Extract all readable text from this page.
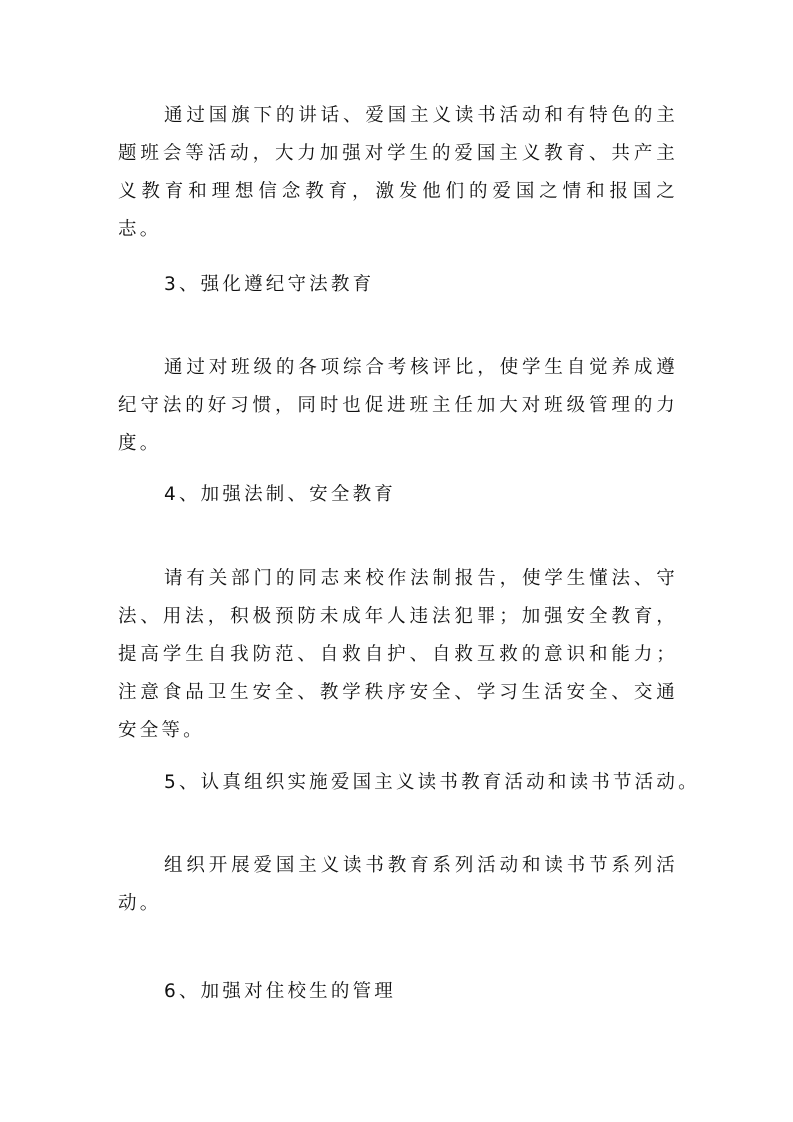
通过国旗下的讲话、爱国主义读书活动和有特色的主题班会等活动，大力加强对学生的爱国主义教育、共产主义教育和理想信念教育，激发他们的爱国之情和报国之志。

3、强化遵纪守法教育

通过对班级的各项综合考核评比，使学生自觉养成遵纪守法的好习惯，同时也促进班主任加大对班级管理的力度。

4、加强法制、安全教育

请有关部门的同志来校作法制报告，使学生懂法、守法、用法，积极预防未成年人违法犯罪；加强安全教育，提高学生自我防范、自救自护、自救互救的意识和能力；注意食品卫生安全、教学秩序安全、学习生活安全、交通安全等。

5、认真组织实施爱国主义读书教育活动和读书节活动。

组织开展爱国主义读书教育系列活动和读书节系列活动。

6、加强对住校生的管理
